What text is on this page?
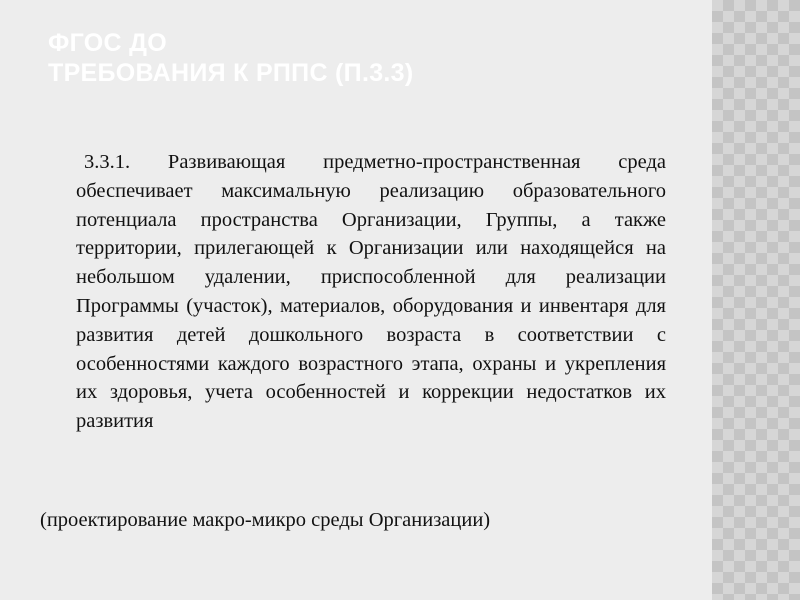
ФГОС ДО
ТРЕБОВАНИЯ К РППС (П.3.3)
3.3.1. Развивающая предметно-пространственная среда обеспечивает максимальную реализацию образовательного потенциала пространства Организации, Группы, а также территории, прилегающей к Организации или находящейся на небольшом удалении, приспособленной для реализации Программы (участок), материалов, оборудования и инвентаря для развития детей дошкольного возраста в соответствии с особенностями каждого возрастного этапа, охраны и укрепления их здоровья, учета особенностей и коррекции недостатков их развития
(проектирование макро-микро среды Организации)
